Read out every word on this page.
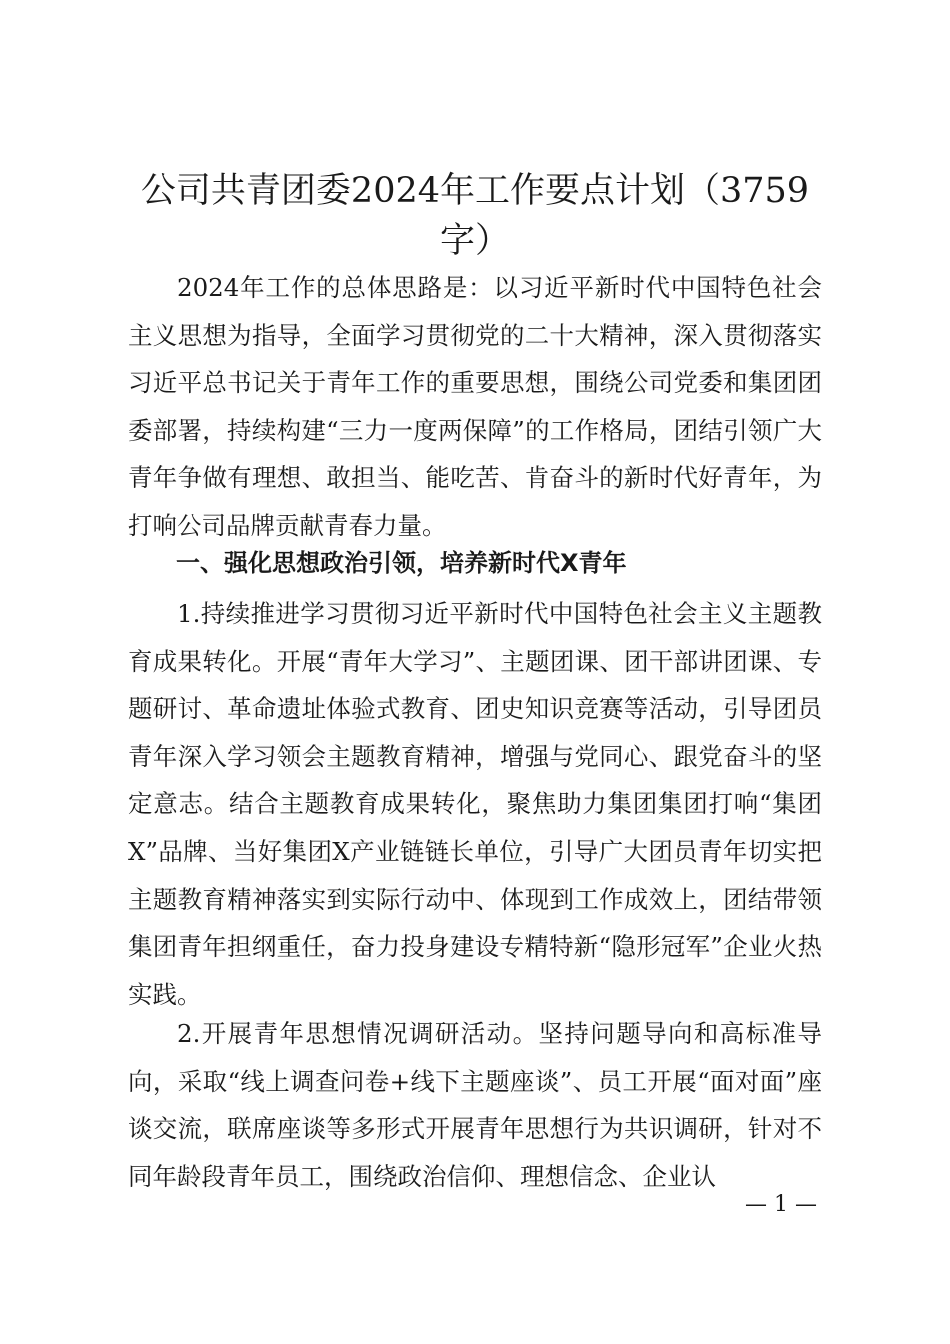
公司共青团委2024年工作要点计划（3759字）

2024年工作的总体思路是：以习近平新时代中国特色社会主义思想为指导，全面学习贯彻党的二十大精神，深入贯彻落实习近平总书记关于青年工作的重要思想，围绕公司党委和集团团委部署，持续构建“三力一度两保障”的工作格局，团结引领广大青年争做有理想、敢担当、能吃苦、肯奋斗的新时代好青年，为打响公司品牌贡献青春力量。

一、强化思想政治引领，培养新时代X青年

1.持续推进学习贯彻习近平新时代中国特色社会主义主题教育成果转化。开展“青年大学习”、主题团课、团干部讲团课、专题研讨、革命遗址体验式教育、团史知识竞赛等活动，引导团员青年深入学习领会主题教育精神，增强与党同心、跟党奋斗的坚定意志。结合主题教育成果转化，聚焦助力集团集团打响“集团X”品牌、当好集团X产业链链长单位，引导广大团员青年切实把主题教育精神落实到实际行动中、体现到工作成效上，团结带领集团青年担纲重任，奋力投身建设专精特新“隐形冠军”企业火热实践。

2.开展青年思想情况调研活动。坚持问题导向和高标准导向，采取“线上调查问卷+线下主题座谈”、员工开展“面对面”座谈交流，联席座谈等多形式开展青年思想行为共识调研，针对不同年龄段青年员工，围绕政治信仰、理想信念、企业认

— 1 —
